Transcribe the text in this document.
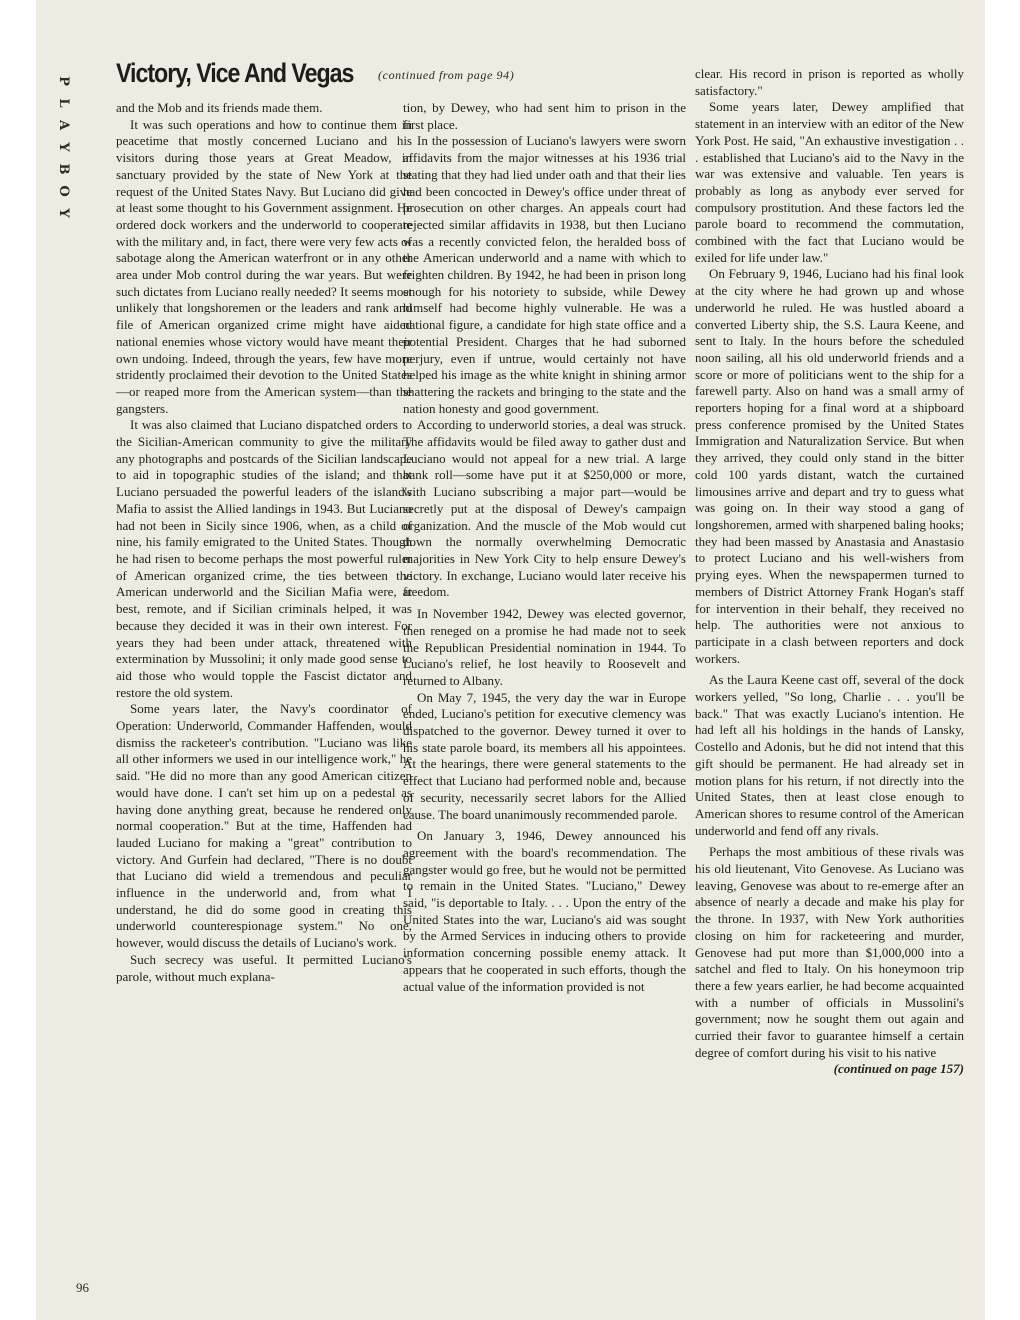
P
L
A
Y
B
O
Y
Victory, Vice And Vegas (continued from page 94)

and the Mob and its friends made them.

It was such operations and how to continue them in peacetime that mostly concerned Luciano and his visitors during those years at Great Meadow, in sanctuary provided by the state of New York at the request of the United States Navy. But Luciano did give at least some thought to his Government assignment. He ordered dock workers and the underworld to cooperate with the military and, in fact, there were very few acts of sabotage along the American waterfront or in any other area under Mob control during the war years. But were such dictates from Luciano really needed? It seems most unlikely that longshoremen or the leaders and rank and file of American organized crime might have aided national enemies whose victory would have meant their own undoing. Indeed, through the years, few have more stridently proclaimed their devotion to the United States—or reaped more from the American system—than the gangsters.

It was also claimed that Luciano dispatched orders to the Sicilian-American community to give the military any photographs and postcards of the Sicilian landscape to aid in topographic studies of the island; and that Luciano persuaded the powerful leaders of the island's Mafia to assist the Allied landings in 1943. But Luciano had not been in Sicily since 1906, when, as a child of nine, his family emigrated to the United States. Though he had risen to become perhaps the most powerful ruler of American organized crime, the ties between the American underworld and the Sicilian Mafia were, at best, remote, and if Sicilian criminals helped, it was because they decided it was in their own interest. For years they had been under attack, threatened with extermination by Mussolini; it only made good sense to aid those who would topple the Fascist dictator and restore the old system.

Some years later, the Navy's coordinator of Operation: Underworld, Commander Haffenden, would dismiss the racketeer's contribution. "Luciano was like all other informers we used in our intelligence work," he said. "He did no more than any good American citizen would have done. I can't set him up on a pedestal as having done anything great, because he rendered only normal cooperation." But at the time, Haffenden had lauded Luciano for making a "great" contribution to victory. And Gurfein had declared, "There is no doubt that Luciano did wield a tremendous and peculiar influence in the underworld and, from what I understand, he did do some good in creating this underworld counterespionage system." No one, however, would discuss the details of Luciano's work.

Such secrecy was useful. It permitted Luciano's parole, without much explana-

tion, by Dewey, who had sent him to prison in the first place.

In the possession of Luciano's lawyers were sworn affidavits from the major witnesses at his 1936 trial stating that they had lied under oath and that their lies had been concocted in Dewey's office under threat of prosecution on other charges. An appeals court had rejected similar affidavits in 1938, but then Luciano was a recently convicted felon, the heralded boss of the American underworld and a name with which to frighten children. By 1942, he had been in prison long enough for his notoriety to subside, while Dewey himself had become highly vulnerable. He was a national figure, a candidate for high state office and a potential President. Charges that he had suborned perjury, even if untrue, would certainly not have helped his image as the white knight in shining armor shattering the rackets and bringing to the state and the nation honesty and good government.

According to underworld stories, a deal was struck. The affidavits would be filed away to gather dust and Luciano would not appeal for a new trial. A large bank roll—some have put it at $250,000 or more, with Luciano subscribing a major part—would be secretly put at the disposal of Dewey's campaign organization. And the muscle of the Mob would cut down the normally overwhelming Democratic majorities in New York City to help ensure Dewey's victory. In exchange, Luciano would later receive his freedom.

In November 1942, Dewey was elected governor, then reneged on a promise he had made not to seek the Republican Presidential nomination in 1944. To Luciano's relief, he lost heavily to Roosevelt and returned to Albany.

On May 7, 1945, the very day the war in Europe ended, Luciano's petition for executive clemency was dispatched to the governor. Dewey turned it over to his state parole board, its members all his appointees. At the hearings, there were general statements to the effect that Luciano had performed noble and, because of security, necessarily secret labors for the Allied cause. The board unanimously recommended parole.

On January 3, 1946, Dewey announced his agreement with the board's recommendation. The gangster would go free, but he would not be permitted to remain in the United States. "Luciano," Dewey said, "is deportable to Italy. . . . Upon the entry of the United States into the war, Luciano's aid was sought by the Armed Services in inducing others to provide information concerning possible enemy attack. It appears that he cooperated in such efforts, though the actual value of the information provided is not

clear. His record in prison is reported as wholly satisfactory."

Some years later, Dewey amplified that statement in an interview with an editor of the New York Post. He said, "An exhaustive investigation . . . established that Luciano's aid to the Navy in the war was extensive and valuable. Ten years is probably as long as anybody ever served for compulsory prostitution. And these factors led the parole board to recommend the commutation, combined with the fact that Luciano would be exiled for life under law."

On February 9, 1946, Luciano had his final look at the city where he had grown up and whose underworld he ruled. He was hustled aboard a converted Liberty ship, the S.S. Laura Keene, and sent to Italy. In the hours before the scheduled noon sailing, all his old underworld friends and a score or more of politicians went to the ship for a farewell party. Also on hand was a small army of reporters hoping for a final word at a shipboard press conference promised by the United States Immigration and Naturalization Service. But when they arrived, they could only stand in the bitter cold 100 yards distant, watch the curtained limousines arrive and depart and try to guess what was going on. In their way stood a gang of longshoremen, armed with sharpened baling hooks; they had been massed by Anastasia and Anastasio to protect Luciano and his well-wishers from prying eyes. When the newspapermen turned to members of District Attorney Frank Hogan's staff for intervention in their behalf, they received no help. The authorities were not anxious to participate in a clash between reporters and dock workers.

As the Laura Keene cast off, several of the dock workers yelled, "So long, Charlie . . . you'll be back." That was exactly Luciano's intention. He had left all his holdings in the hands of Lansky, Costello and Adonis, but he did not intend that this gift should be permanent. He had already set in motion plans for his return, if not directly into the United States, then at least close enough to American shores to resume control of the American underworld and fend off any rivals.

Perhaps the most ambitious of these rivals was his old lieutenant, Vito Genovese. As Luciano was leaving, Genovese was about to re-emerge after an absence of nearly a decade and make his play for the throne. In 1937, with New York authorities closing on him for racketeering and murder, Genovese had put more than $1,000,000 into a satchel and fled to Italy. On his honeymoon trip there a few years earlier, he had become acquainted with a number of officials in Mussolini's government; now he sought them out again and curried their favor to guarantee himself a certain degree of comfort during his visit to his native

(continued on page 157)

96
